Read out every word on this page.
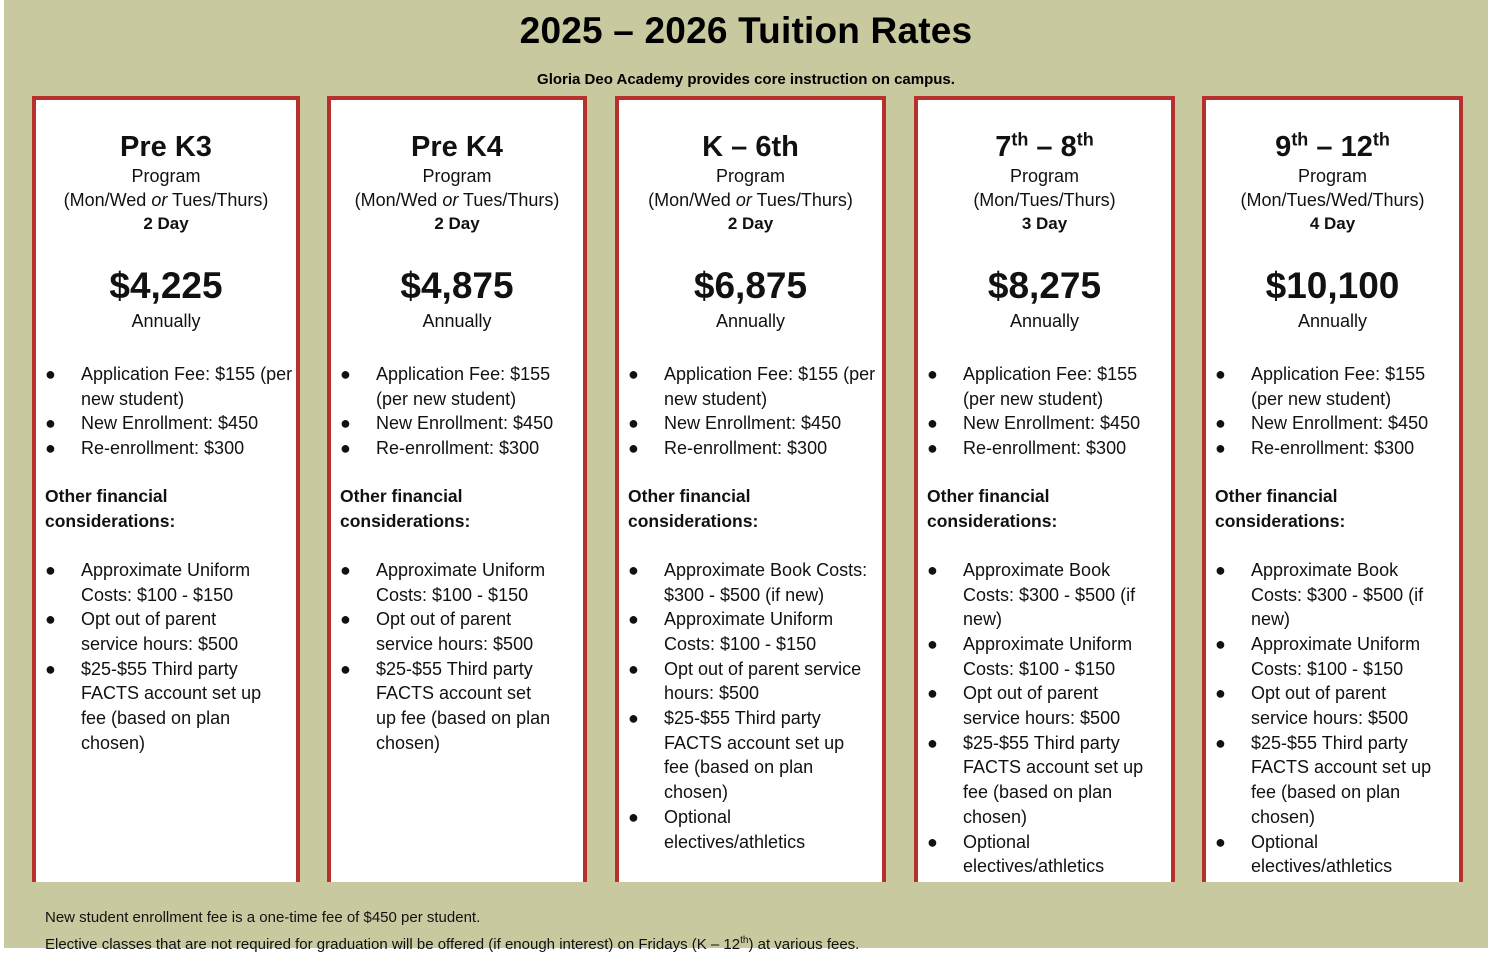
2025 – 2026 Tuition Rates
Gloria Deo Academy provides core instruction on campus.
Pre K3
Program
(Mon/Wed or Tues/Thurs)
2 Day
$4,225
Annually
● Application Fee: $155 (per new student)
● New Enrollment: $450
● Re-enrollment: $300
Other financial considerations:
● Approximate Uniform Costs: $100 - $150
● Opt out of parent service hours: $500
● $25-$55 Third party FACTS account set up fee (based on plan chosen)
Pre K4
Program
(Mon/Wed or Tues/Thurs)
2 Day
$4,875
Annually
● Application Fee: $155 (per new student)
● New Enrollment: $450
● Re-enrollment: $300
Other financial considerations:
● Approximate Uniform Costs: $100 - $150
● Opt out of parent service hours: $500
● $25-$55 Third party FACTS account set up fee (based on plan chosen)
K – 6th
Program
(Mon/Wed or Tues/Thurs)
2 Day
$6,875
Annually
● Application Fee: $155 (per new student)
● New Enrollment: $450
● Re-enrollment: $300
Other financial considerations:
● Approximate Book Costs: $300 - $500 (if new)
● Approximate Uniform Costs: $100 - $150
● Opt out of parent service hours: $500
● $25-$55 Third party FACTS account set up fee (based on plan chosen)
● Optional electives/athletics
7th – 8th
Program
(Mon/Tues/Thurs)
3 Day
$8,275
Annually
● Application Fee: $155 (per new student)
● New Enrollment: $450
● Re-enrollment: $300
Other financial considerations:
● Approximate Book Costs: $300 - $500 (if new)
● Approximate Uniform Costs: $100 - $150
● Opt out of parent service hours: $500
● $25-$55 Third party FACTS account set up fee (based on plan chosen)
● Optional electives/athletics
9th – 12th
Program
(Mon/Tues/Wed/Thurs)
4 Day
$10,100
Annually
● Application Fee: $155 (per new student)
● New Enrollment: $450
● Re-enrollment: $300
Other financial considerations:
● Approximate Book Costs: $300 - $500 (if new)
● Approximate Uniform Costs: $100 - $150
● Opt out of parent service hours: $500
● $25-$55 Third party FACTS account set up fee (based on plan chosen)
● Optional electives/athletics
New student enrollment fee is a one-time fee of $450 per student.
Elective classes that are not required for graduation will be offered (if enough interest) on Fridays (K – 12th) at various fees.
